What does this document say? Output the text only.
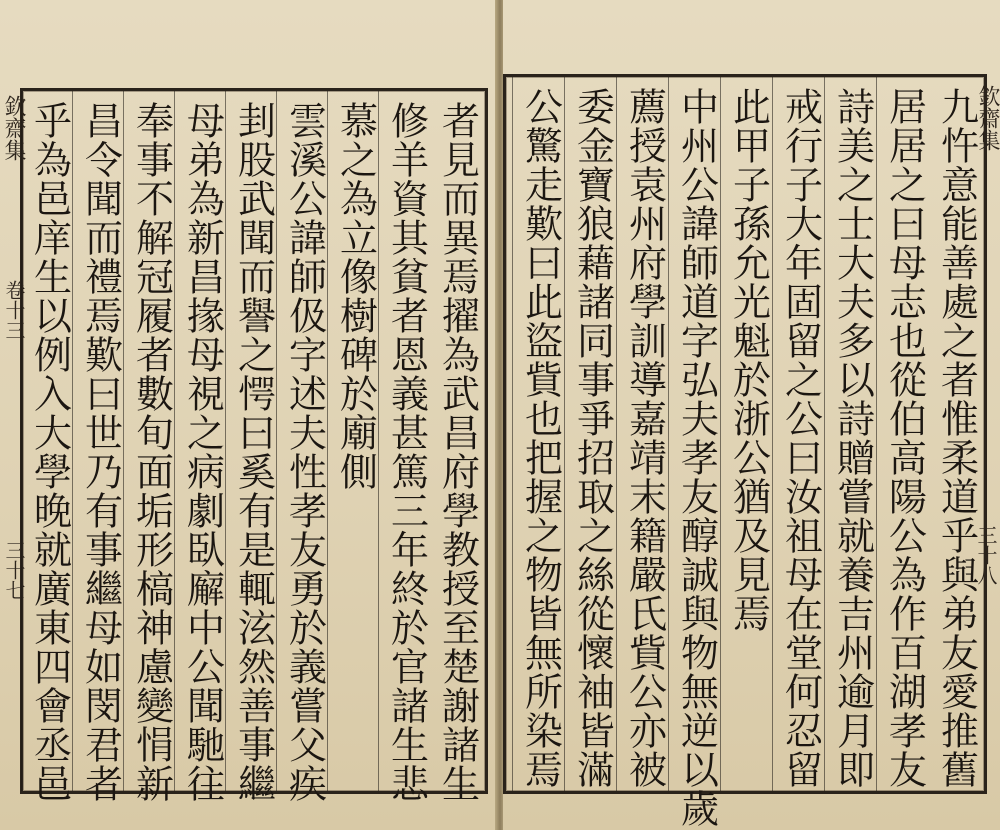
欽齋集
卷十三
三十七	者見而異焉擢為武昌府學教授至楚謝諸生
修羊資其貧者恩義甚篤三年終於官諸生悲
慕之為立像樹碑於廟側
雲溪公諱師伋字述夫性孝友勇於義嘗父疾
刲股武聞而譽之愕曰奚有是輒泫然善事繼
母弟為新昌掾母視之病劇臥廨中公聞馳往
奉事不解冠履者數旬面垢形槁神慮變悁新
昌令聞而禮焉歎曰世乃有事繼母如閔君者
乎為邑庠生以例入大學晚就廣東四會丞邑	欽齋集
三十八
九忤意能善處之者惟柔道乎與弟友愛推舊
居居之曰母志也從伯高陽公為作百湖孝友
詩美之士大夫多以詩贈嘗就養吉州逾月即
戒行子大年固留之公曰汝祖母在堂何忍留
此甲子孫允光魁於浙公猶及見焉
中州公諱師道字弘夫孝友醇誠與物無逆以歲
薦授袁州府學訓導嘉靖末籍嚴氏貲公亦被
委金寶狼藉諸同事爭招取之絲從懷袖皆滿
公驚走歎曰此盜貲也把握之物皆無所染焉
